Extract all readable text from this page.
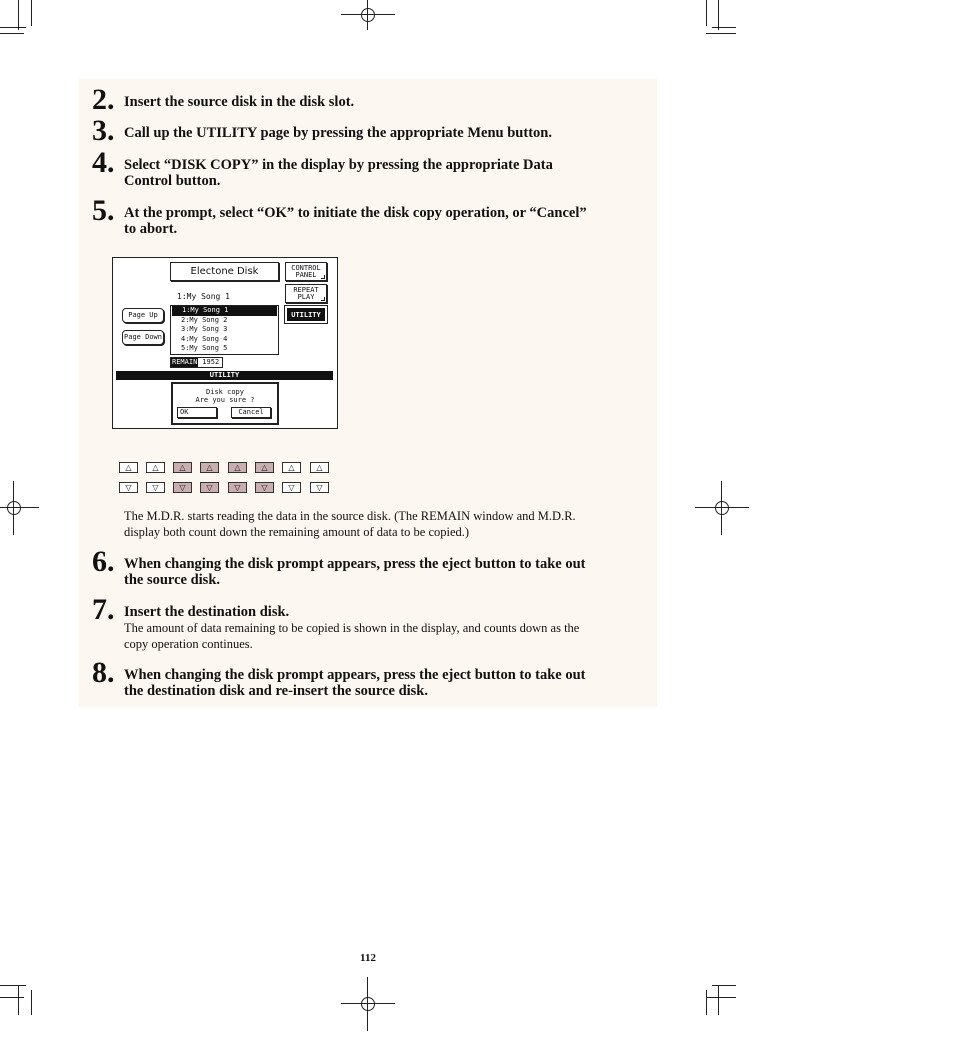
2. Insert the source disk in the disk slot.
3. Call up the UTILITY page by pressing the appropriate Menu button.
4. Select “DISK COPY” in the display by pressing the appropriate Data
Control button.
5. At the prompt, select “OK” to initiate the disk copy operation, or “Cancel”
to abort.
Electone Disk	CONTROL
PANEL
REPEAT
PLAY
UTILITY
Page Up
Page Down
1:My Song 1
1:My Song 1
2:My Song 2
3:My Song 3
4:My Song 4
5:My Song 5
REMAIN 1952
UTILITY
Disk copy
Are you sure ?
OK	Cancel
△	△	△	△	△	△	△	△
▽	▽	▽	▽	▽	▽	▽	▽
The M.D.R. starts reading the data in the source disk. (The REMAIN window and M.D.R.
display both count down the remaining amount of data to be copied.)
6. When changing the disk prompt appears, press the eject button to take out
the source disk.
7. Insert the destination disk.
The amount of data remaining to be copied is shown in the display, and counts down as the
copy operation continues.
8. When changing the disk prompt appears, press the eject button to take out
the destination disk and re-insert the source disk.
112
